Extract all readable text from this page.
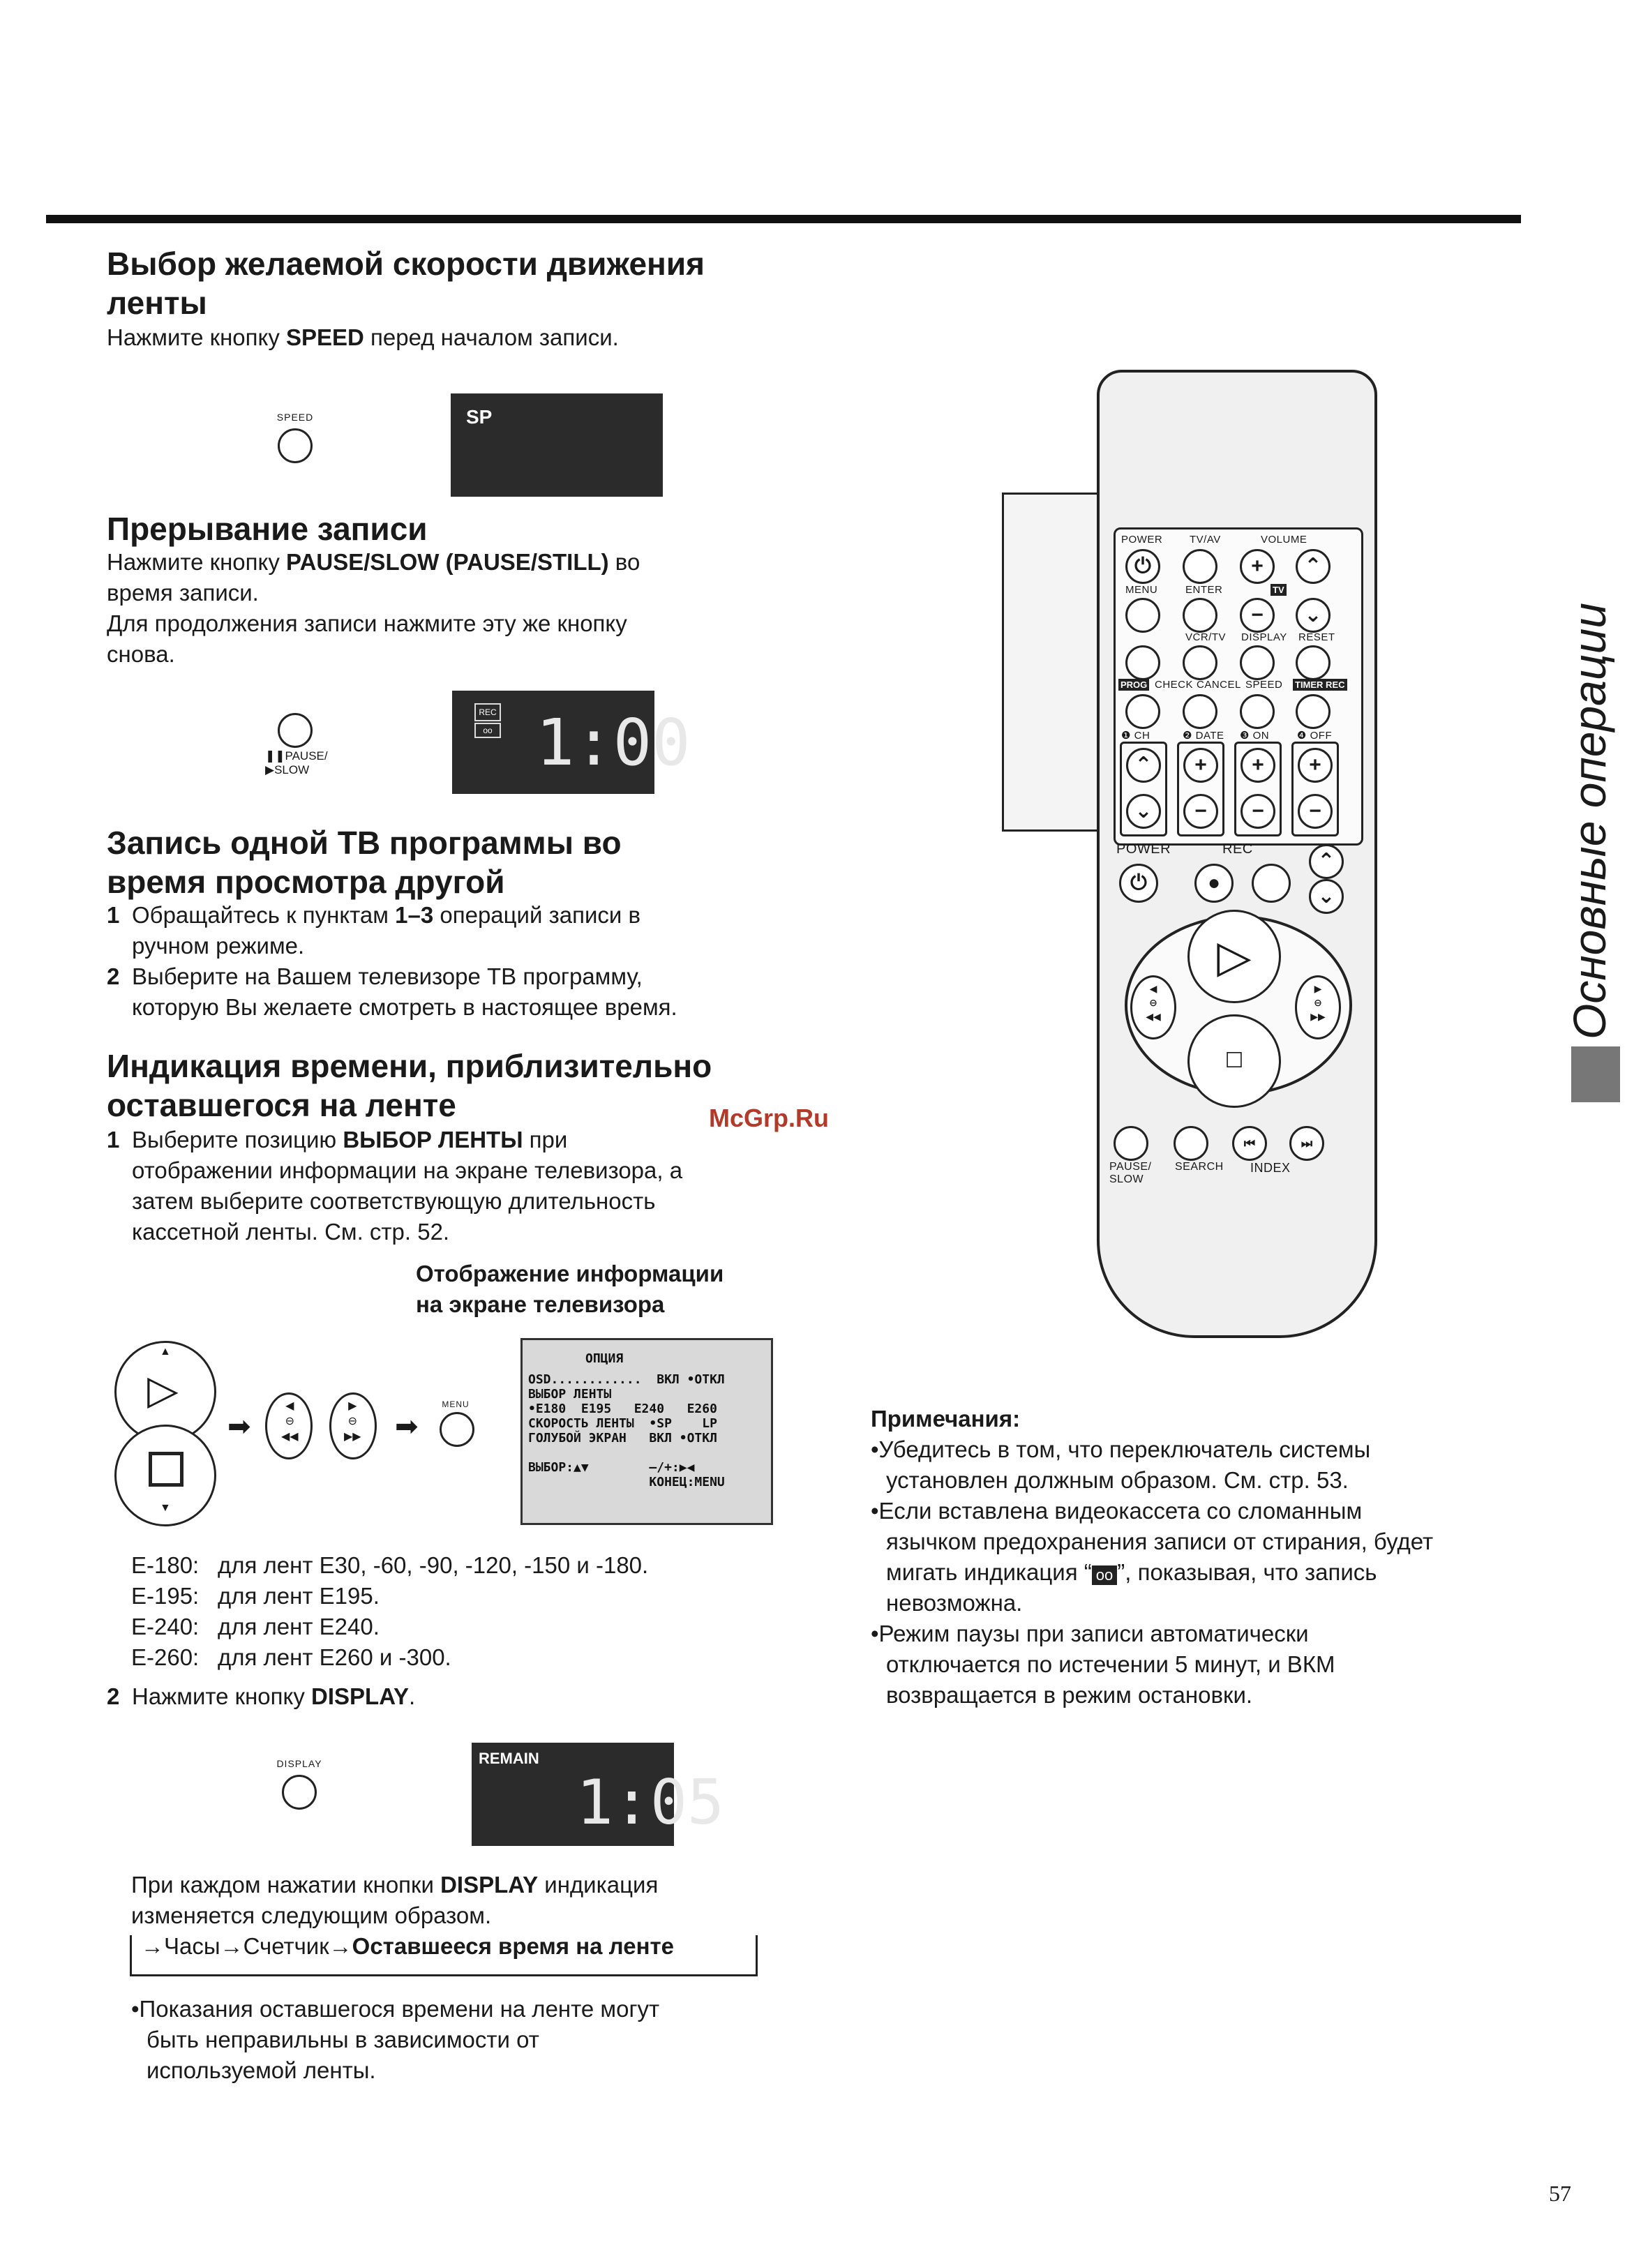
Выбор желаемой скорости движения
ленты
Нажмите кнопку SPEED перед началом записи.
SPEED	SP
Прерывание записи
Нажмите кнопку PAUSE/SLOW (PAUSE/STILL) во
время записи.
Для продолжения записи нажмите эту же кнопку
снова.
❚❚PAUSE/
▶SLOW
REC
oo 1:00
Запись одной ТВ программы во
время просмотра другой
1 Обращайтесь к пунктам 1–3 операций записи в
ручном режиме.
2 Выберите на Вашем телевизоре ТВ программу,
которую Вы желаете смотреть в настоящее время.
Индикация времени, приблизительно
оставшегося на ленте	McGrp.Ru
1 Выберите позицию ВЫБОР ЛЕНТЫ при
отображении информации на экране телевизора, а
затем выберите соответствующую длительность
кассетной ленты. См. стр. 52.
Отображение информации
на экране телевизора
▲
▷
▼
➡
◀
⊖
◀◀
▶
⊖
▶▶ ➡
MENU
ОПЦИЯ
OSD............  ВКЛ •ОТКЛ
ВЫБОР ЛЕНТЫ
•E180  E195   E240   E260
СКОРОСТЬ ЛЕНТЫ  •SP    LP
ГОЛУБОЙ ЭКРАН   ВКЛ •ОТКЛ
ВЫБОР:▲▼        –/+:▶◀
КОНЕЦ:MENU
E-180: для лент Е30, -60, -90, -120, -150 и -180.
E-195: для лент Е195.
E-240: для лент Е240.
E-260: для лент Е260 и -300.
2 Нажмите кнопку DISPLAY.
DISPLAY	REMAIN
1:05
При каждом нажатии кнопки DISPLAY индикация
изменяется следующим образом.
→Часы→Счетчик→Оставшееся время на ленте
•Показания оставшегося времени на ленте могут
быть неправильны в зависимости от
используемой ленты.
Основные операции
Примечания:
•Убедитесь в том, что переключатель системы
установлен должным образом. См. стр. 53.
•Если вставлена видеокассета со сломанным
язычком предохранения записи от стирания, будет
мигать индикация “ oo ”, показывая, что запись
невозможна.
•Режим паузы при записи автоматически
отключается по истечении 5 минут, и ВКМ
возвращается в режим остановки.
POWER	TV/AV	VOLUME
⏻	+	⌃
TV
MENU	ENTER
−	⌄
VCR/TV DISPLAY RESET
PROG CHECK CANCEL SPEED TIMER REC
❶ CH	❷ DATE ❸ ON	❹ OFF
⌃
⌄
+
−
+
−
+
−
POWER	REC
⏻	●
⌃
⌄
▷
☐
◀
⊖
◀◀
▶
⊖
▶▶
⏮	⏭
PAUSE/ SLOW
SEARCH INDEX
57
